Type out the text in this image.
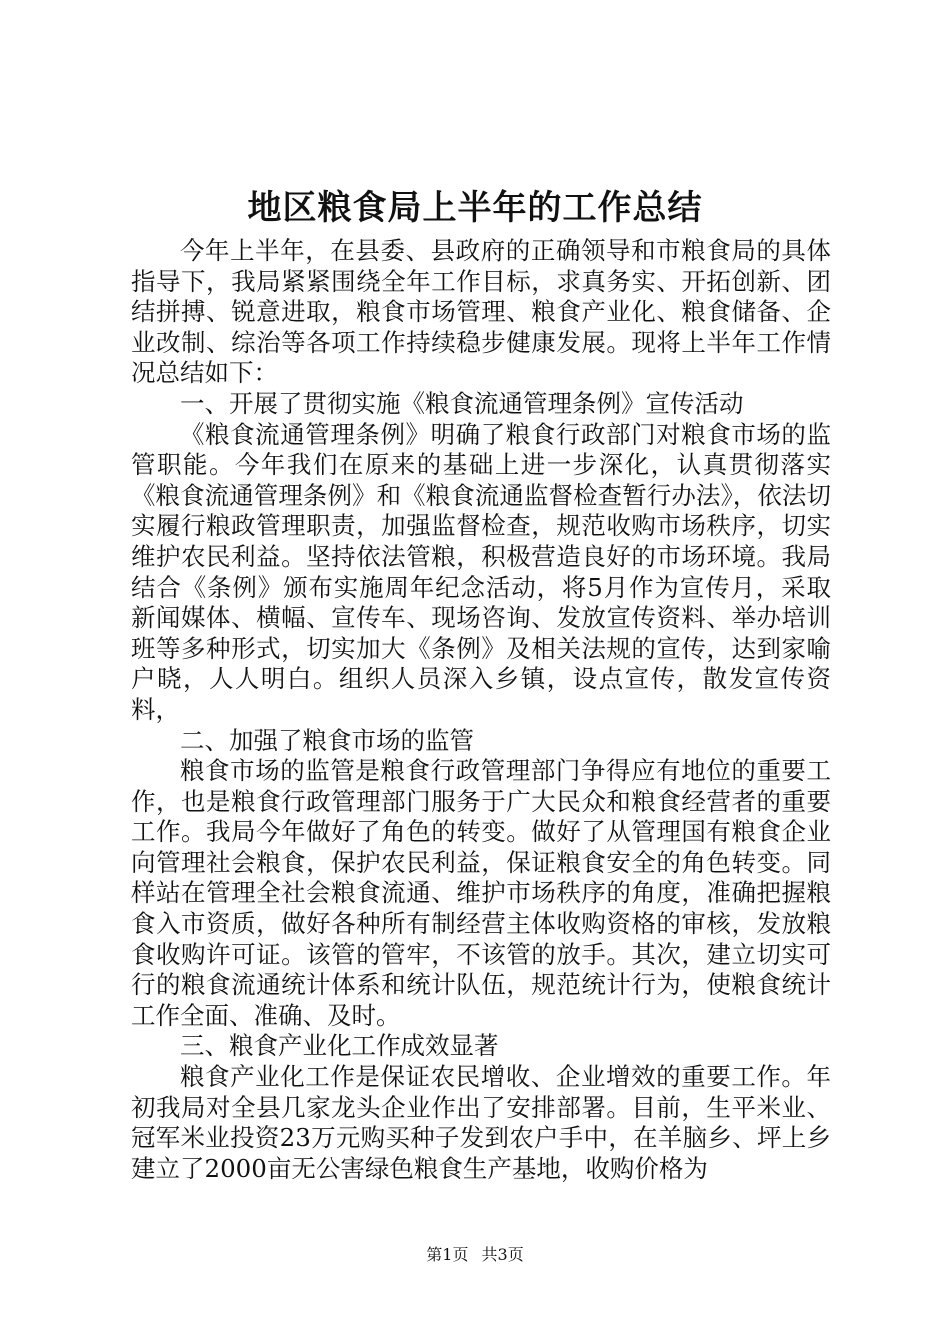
地区粮食局上半年的工作总结

今年上半年，在县委、县政府的正确领导和市粮食局的具体指导下，我局紧紧围绕全年工作目标，求真务实、开拓创新、团结拼搏、锐意进取，粮食市场管理、粮食产业化、粮食储备、企业改制、综治等各项工作持续稳步健康发展。现将上半年工作情况总结如下：

一、开展了贯彻实施《粮食流通管理条例》宣传活动

《粮食流通管理条例》明确了粮食行政部门对粮食市场的监管职能。今年我们在原来的基础上进一步深化，认真贯彻落实《粮食流通管理条例》和《粮食流通监督检查暂行办法》，依法切实履行粮政管理职责，加强监督检查，规范收购市场秩序，切实维护农民利益。坚持依法管粮，积极营造良好的市场环境。我局结合《条例》颁布实施周年纪念活动，将5月作为宣传月，采取新闻媒体、横幅、宣传车、现场咨询、发放宣传资料、举办培训班等多种形式，切实加大《条例》及相关法规的宣传，达到家喻户晓，人人明白。组织人员深入乡镇，设点宣传，散发宣传资料，

二、加强了粮食市场的监管

粮食市场的监管是粮食行政管理部门争得应有地位的重要工作，也是粮食行政管理部门服务于广大民众和粮食经营者的重要工作。我局今年做好了角色的转变。做好了从管理国有粮食企业向管理社会粮食，保护农民利益，保证粮食安全的角色转变。同样站在管理全社会粮食流通、维护市场秩序的角度，准确把握粮食入市资质，做好各种所有制经营主体收购资格的审核，发放粮食收购许可证。该管的管牢，不该管的放手。其次，建立切实可行的粮食流通统计体系和统计队伍，规范统计行为，使粮食统计工作全面、准确、及时。

三、粮食产业化工作成效显著

粮食产业化工作是保证农民增收、企业增效的重要工作。年初我局对全县几家龙头企业作出了安排部署。目前，生平米业、冠军米业投资23万元购买种子发到农户手中，在羊脑乡、坪上乡建立了2000亩无公害绿色粮食生产基地，收购价格为

第1页 共3页
